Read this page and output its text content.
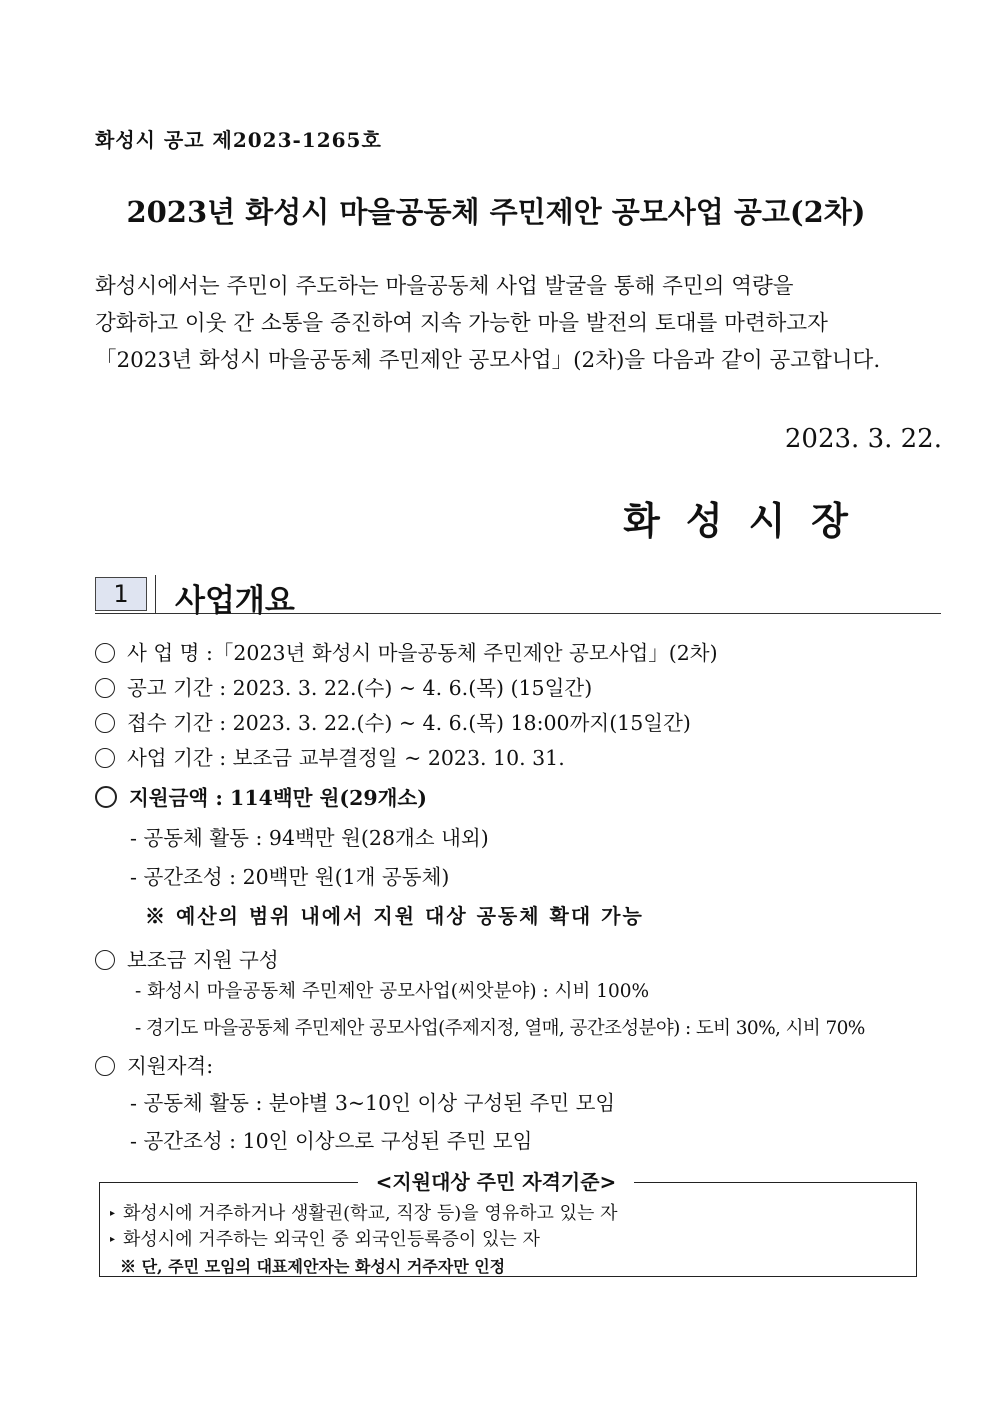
화성시 공고 제2023-1265호
2023년 화성시 마을공동체 주민제안 공모사업 공고(2차)
화성시에서는 주민이 주도하는 마을공동체 사업 발굴을 통해 주민의 역량을
강화하고 이웃 간 소통을 증진하여 지속 가능한 마을 발전의 토대를 마련하고자
「2023년 화성시 마을공동체 주민제안 공모사업」(2차)을 다음과 같이 공고합니다.
2023. 3. 22.
화성시장
1	사업개요
사 업 명 :「2023년 화성시 마을공동체 주민제안 공모사업」(2차)
공고 기간 : 2023. 3. 22.(수) ~ 4. 6.(목) (15일간)
접수 기간 : 2023. 3. 22.(수) ~ 4. 6.(목) 18:00까지(15일간)
사업 기간 : 보조금 교부결정일 ~ 2023. 10. 31.
지원금액 : 114백만 원(29개소)
- 공동체 활동 : 94백만 원(28개소 내외)
- 공간조성 : 20백만 원(1개 공동체)
※ 예산의 범위 내에서 지원 대상 공동체 확대 가능
보조금 지원 구성
- 화성시 마을공동체 주민제안 공모사업(씨앗분야) : 시비 100%
- 경기도 마을공동체 주민제안 공모사업(주제지정, 열매, 공간조성분야) : 도비 30%, 시비 70%
지원자격:
- 공동체 활동 : 분야별 3~10인 이상 구성된 주민 모임
- 공간조성 : 10인 이상으로 구성된 주민 모임
<지원대상 주민 자격기준>
▸ 화성시에 거주하거나 생활권(학교, 직장 등)을 영유하고 있는 자
▸ 화성시에 거주하는 외국인 중 외국인등록증이 있는 자
※ 단, 주민 모임의 대표제안자는 화성시 거주자만 인정
